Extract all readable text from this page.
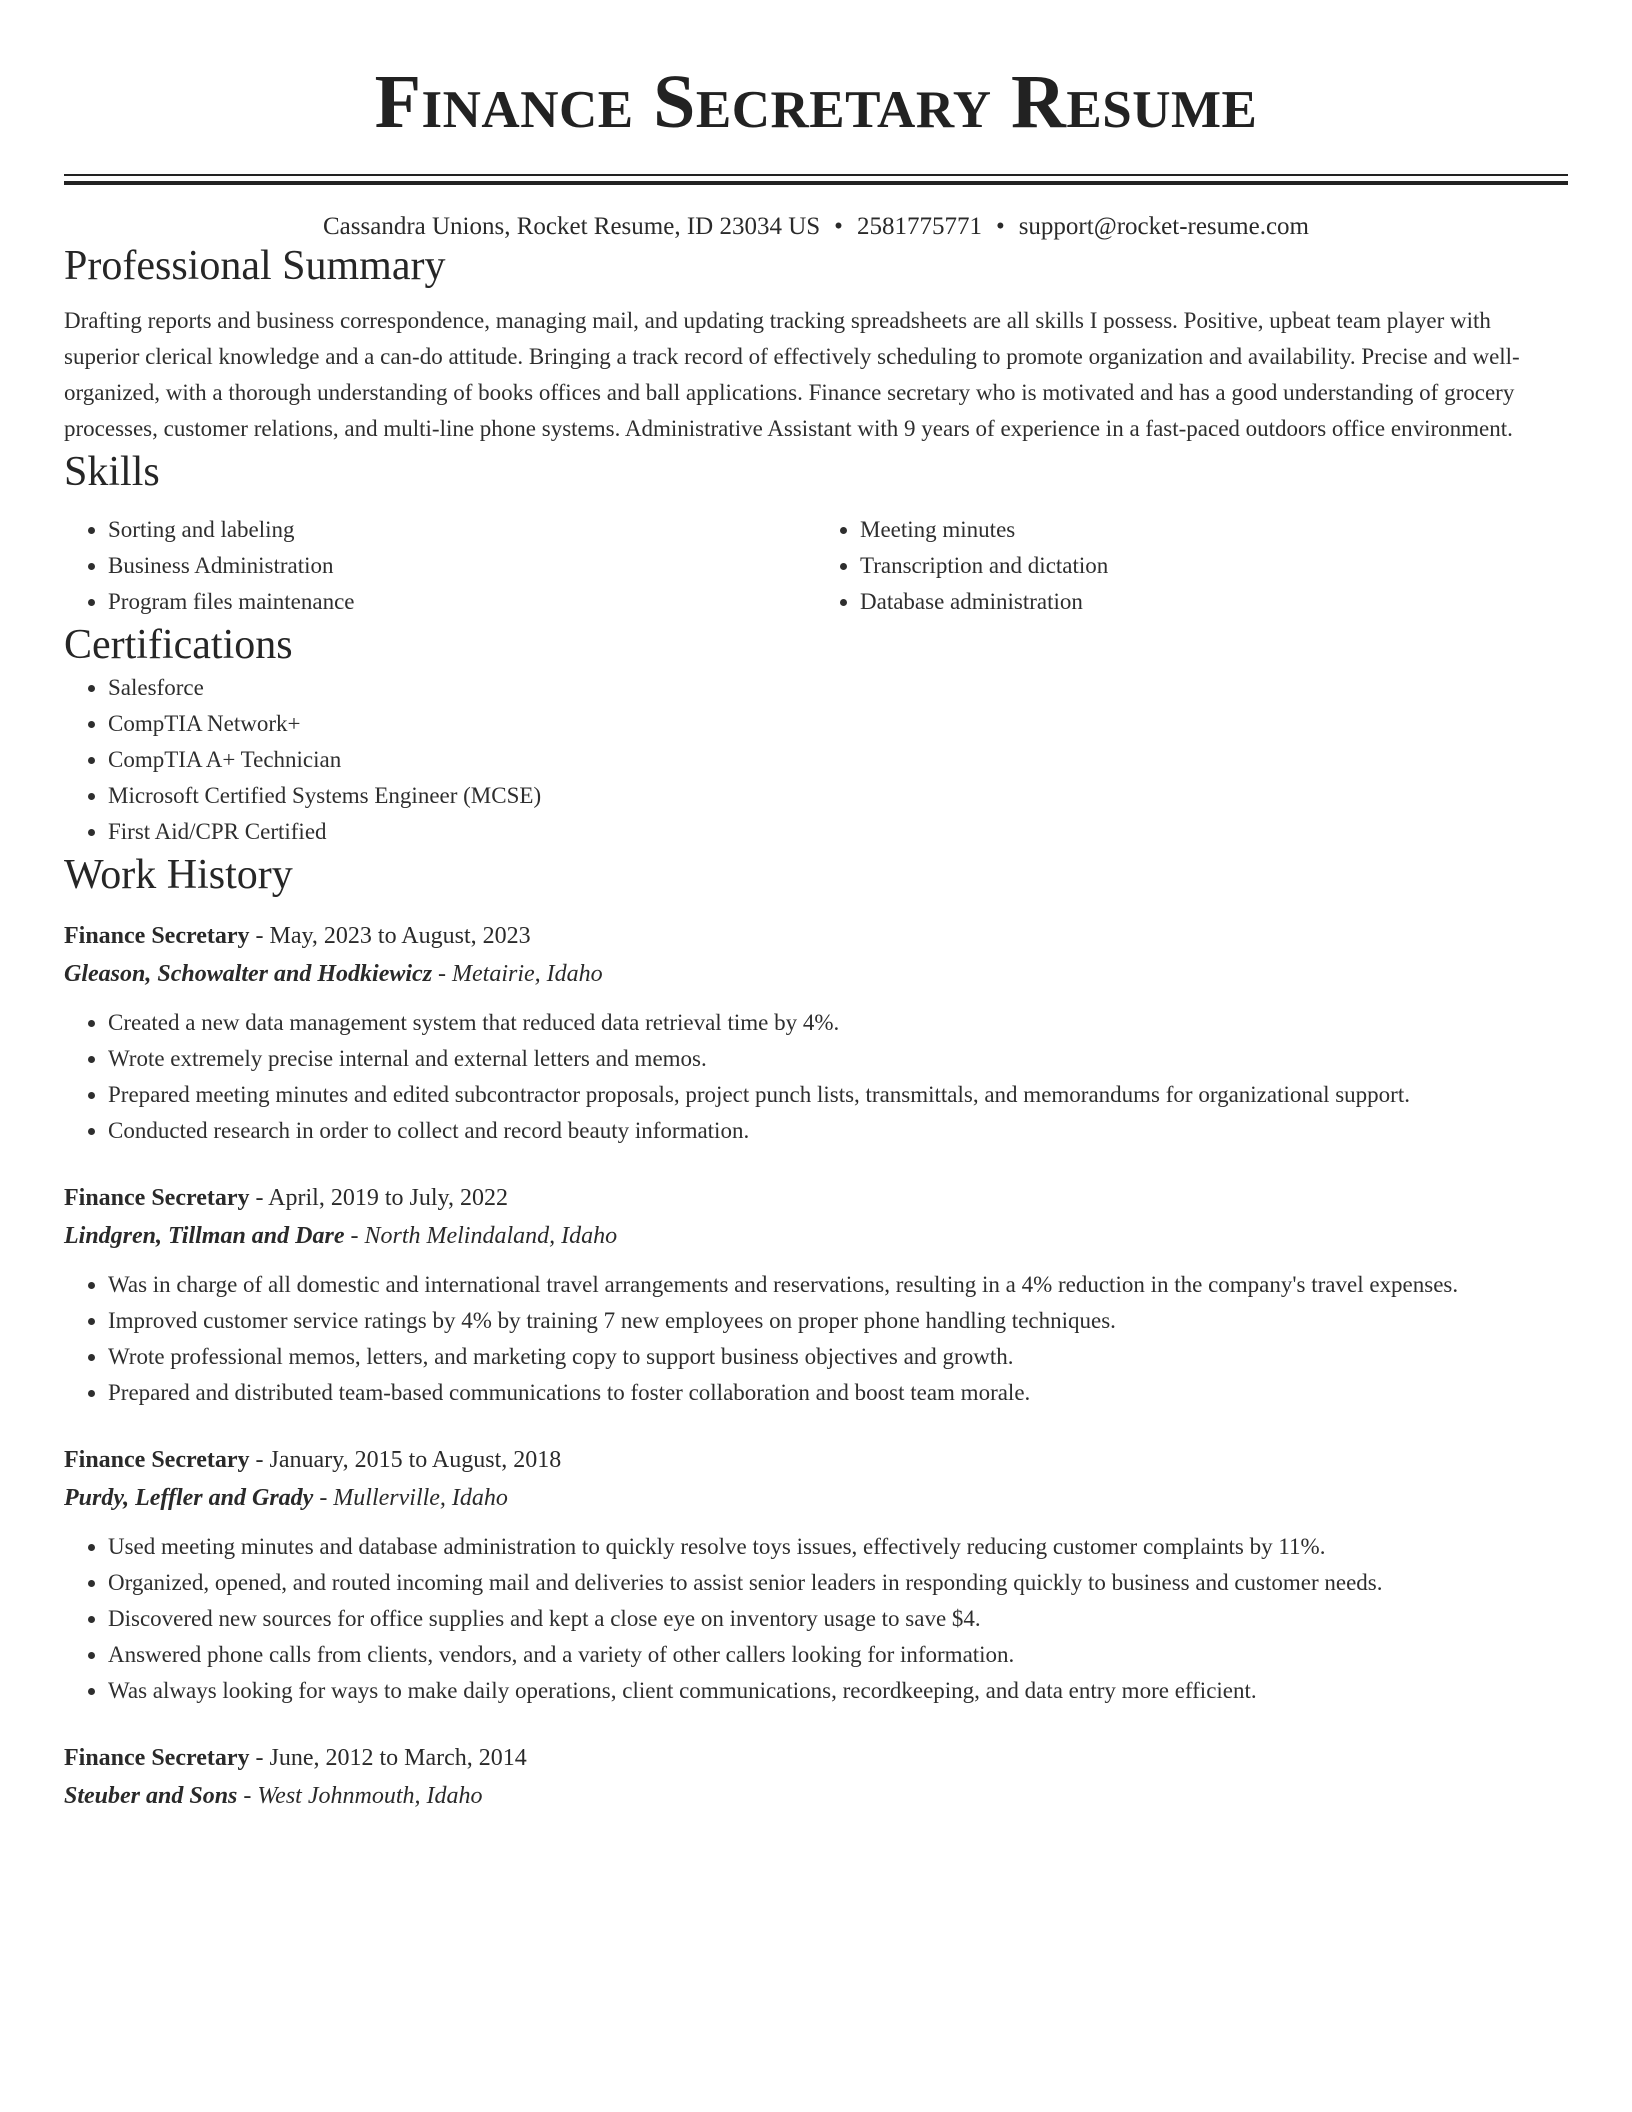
Finance Secretary Resume
Cassandra Unions, Rocket Resume, ID 23034 US • 2581775771 • support@rocket-resume.com
Professional Summary

Drafting reports and business correspondence, managing mail, and updating tracking spreadsheets are all skills I possess. Positive, upbeat team player with superior clerical knowledge and a can-do attitude. Bringing a track record of effectively scheduling to promote organization and availability. Precise and well-organized, with a thorough understanding of books offices and ball applications. Finance secretary who is motivated and has a good understanding of grocery processes, customer relations, and multi-line phone systems. Administrative Assistant with 9 years of experience in a fast-paced outdoors office environment.

Skills
• Sorting and labeling
• Business Administration
• Program files maintenance
• Meeting minutes
• Transcription and dictation
• Database administration
Certifications
• Salesforce
• CompTIA Network+
• CompTIA A+ Technician
• Microsoft Certified Systems Engineer (MCSE)
• First Aid/CPR Certified
Work History
Finance Secretary - May, 2023 to August, 2023
Gleason, Schowalter and Hodkiewicz - Metairie, Idaho
• Created a new data management system that reduced data retrieval time by 4%.
• Wrote extremely precise internal and external letters and memos.
• Prepared meeting minutes and edited subcontractor proposals, project punch lists, transmittals, and memorandums for organizational support.
• Conducted research in order to collect and record beauty information.
Finance Secretary - April, 2019 to July, 2022
Lindgren, Tillman and Dare - North Melindaland, Idaho
• Was in charge of all domestic and international travel arrangements and reservations, resulting in a 4% reduction in the company's travel expenses.
• Improved customer service ratings by 4% by training 7 new employees on proper phone handling techniques.
• Wrote professional memos, letters, and marketing copy to support business objectives and growth.
• Prepared and distributed team-based communications to foster collaboration and boost team morale.
Finance Secretary - January, 2015 to August, 2018
Purdy, Leffler and Grady - Mullerville, Idaho
• Used meeting minutes and database administration to quickly resolve toys issues, effectively reducing customer complaints by 11%.
• Organized, opened, and routed incoming mail and deliveries to assist senior leaders in responding quickly to business and customer needs.
• Discovered new sources for office supplies and kept a close eye on inventory usage to save $4.
• Answered phone calls from clients, vendors, and a variety of other callers looking for information.
• Was always looking for ways to make daily operations, client communications, recordkeeping, and data entry more efficient.
Finance Secretary - June, 2012 to March, 2014
Steuber and Sons - West Johnmouth, Idaho
